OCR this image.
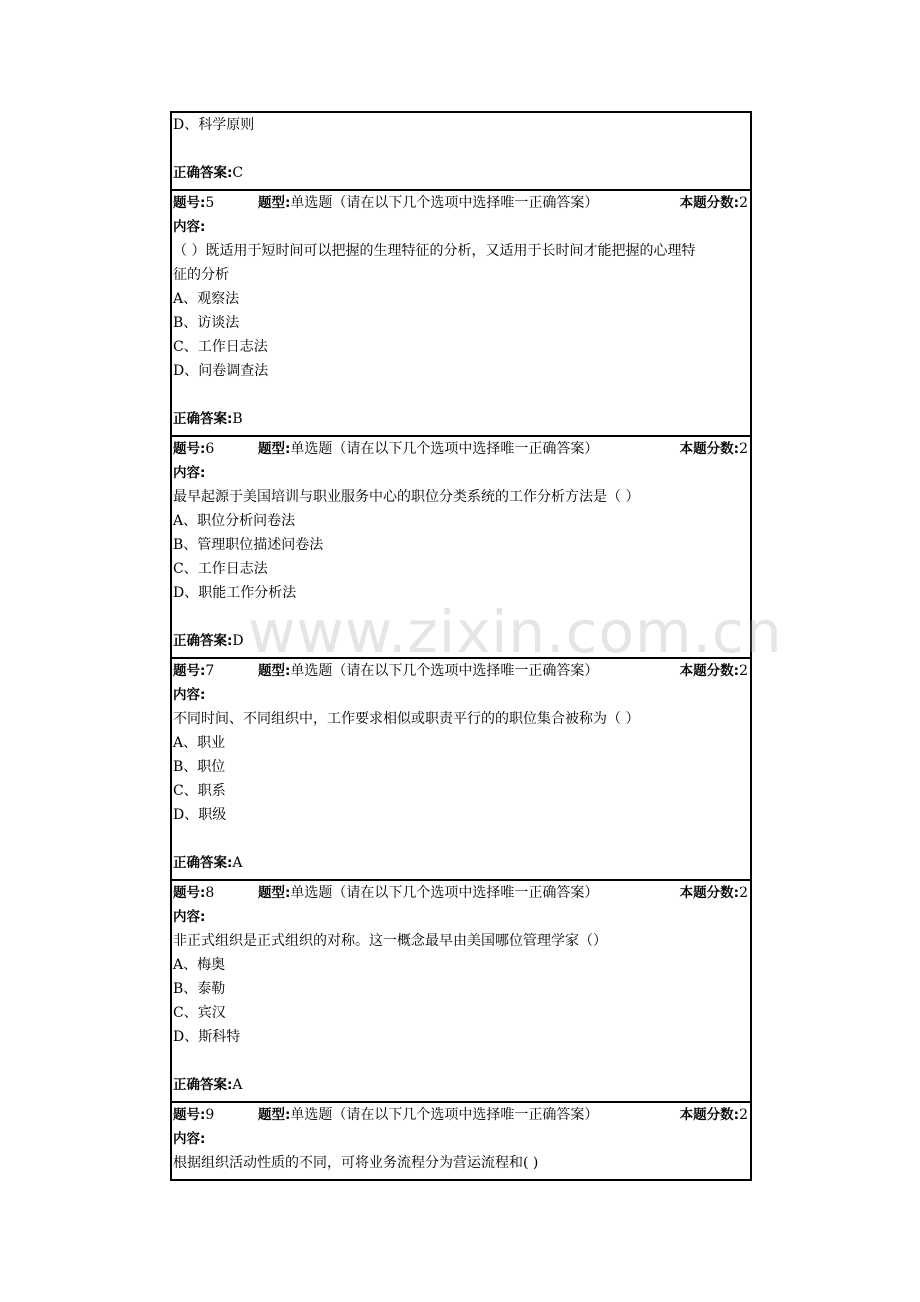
D、科学原则
正确答案:C
题号:5	题型:单选题（请在以下几个选项中选择唯一正确答案）	本题分数:2
内容:
（ ）既适用于短时间可以把握的生理特征的分析，又适用于长时间才能把握的心理特
征的分析
A、观察法
B、访谈法
C、工作日志法
D、问卷调查法
正确答案:B
题号:6	题型:单选题（请在以下几个选项中选择唯一正确答案）	本题分数:2
内容:
最早起源于美国培训与职业服务中心的职位分类系统的工作分析方法是（ ）
A、职位分析问卷法
B、管理职位描述问卷法
C、工作日志法
D、职能工作分析法
正确答案:D
题号:7	题型:单选题（请在以下几个选项中选择唯一正确答案）	本题分数:2
内容:
不同时间、不同组织中，工作要求相似或职责平行的的职位集合被称为（ ）
A、职业
B、职位
C、职系
D、职级
正确答案:A
题号:8	题型:单选题（请在以下几个选项中选择唯一正确答案）	本题分数:2
内容:
非正式组织是正式组织的对称。这一概念最早由美国哪位管理学家（）
A、梅奥
B、泰勒
C、宾汉
D、斯科特
正确答案:A
题号:9	题型:单选题（请在以下几个选项中选择唯一正确答案）	本题分数:2
内容:
根据组织活动性质的不同，可将业务流程分为营运流程和( )
www.zixin.com.cn
